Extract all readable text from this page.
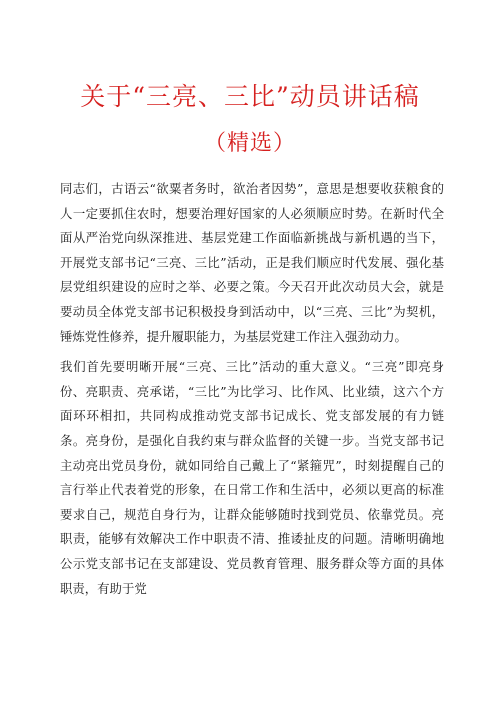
关于“三亮、三比”动员讲话稿
（精选）

同志们，古语云“欲粟者务时，欲治者因势”，意思是想要收获粮食的人一定要抓住农时，想要治理好国家的人必须顺应时势。在新时代全面从严治党向纵深推进、基层党建工作面临新挑战与新机遇的当下，开展党支部书记“三亮、三比”活动，正是我们顺应时代发展、强化基层党组织建设的应时之举、必要之策。今天召开此次动员大会，就是要动员全体党支部书记积极投身到活动中，以“三亮、三比”为契机，锤炼党性修养，提升履职能力，为基层党建工作注入强劲动力。

我们首先要明晰开展“三亮、三比”活动的重大意义。“三亮”即亮身份、亮职责、亮承诺，“三比”为比学习、比作风、比业绩，这六个方面环环相扣，共同构成推动党支部书记成长、党支部发展的有力链条。亮身份，是强化自我约束与群众监督的关键一步。当党支部书记主动亮出党员身份，就如同给自己戴上了“紧箍咒”，时刻提醒自己的言行举止代表着党的形象，在日常工作和生活中，必须以更高的标准要求自己，规范自身行为，让群众能够随时找到党员、依靠党员。亮职责，能够有效解决工作中职责不清、推诿扯皮的问题。清晰明确地公示党支部书记在支部建设、党员教育管理、服务群众等方面的具体职责，有助于党
